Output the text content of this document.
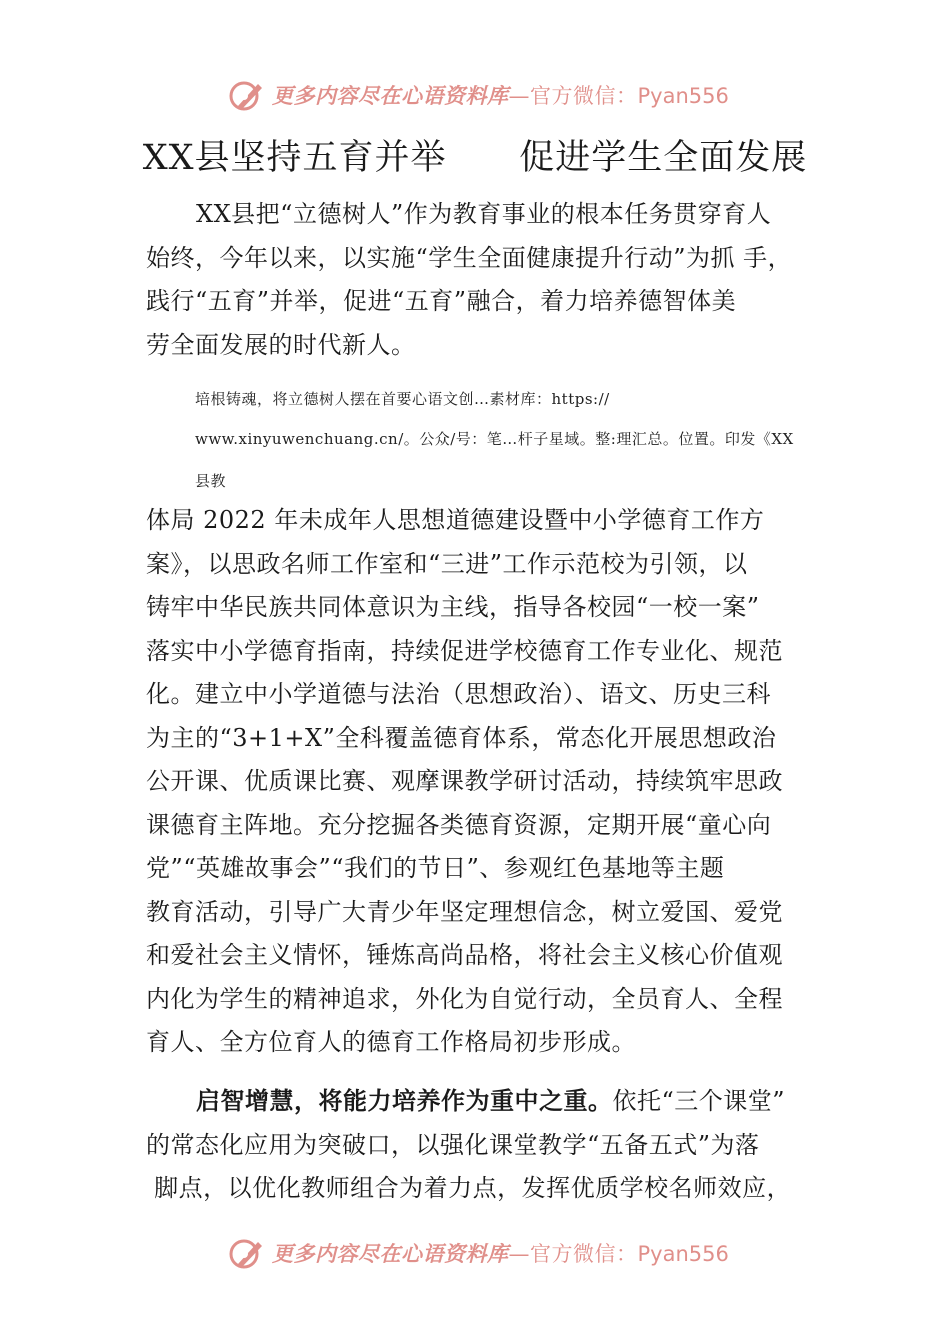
更多内容尽在心语资料库—官方微信：Pyan556
XX县坚持五育并举      促进学生全面发展
XX县把“立德树人”作为教育事业的根本任务贯穿育人
始终，今年以来，以实施“学生全面健康提升行动”为抓 手，
践行“五育”并举，促进“五育”融合，着力培养德智体美
劳全面发展的时代新人。
培根铸魂，将立德树人摆在首要心语文创…素材库：https://
www.xinyuwenchuang.cn/。公众/号：笔…杆子星域。整:理汇总。位置。印发《XX
县教
体局 2022 年未成年人思想道德建设暨中小学德育工作方
案》，以思政名师工作室和“三进”工作示范校为引领，以
铸牢中华民族共同体意识为主线，指导各校园“一校一案”
落实中小学德育指南，持续促进学校德育工作专业化、规范
化。建立中小学道德与法治（思想政治）、语文、历史三科
为主的“3+1+X”全科覆盖德育体系，常态化开展思想政治
公开课、优质课比赛、观摩课教学研讨活动，持续筑牢思政
课德育主阵地。充分挖掘各类德育资源，定期开展“童心向
党”“英雄故事会”“我们的节日”、参观红色基地等主题
教育活动，引导广大青少年坚定理想信念，树立爱国、爱党
和爱社会主义情怀，锤炼高尚品格，将社会主义核心价值观
内化为学生的精神追求，外化为自觉行动，全员育人、全程
育人、全方位育人的德育工作格局初步形成。
启智增慧，将能力培养作为重中之重。依托“三个课堂”
的常态化应用为突破口，以强化课堂教学“五备五式”为落
脚点，以优化教师组合为着力点，发挥优质学校名师效应，
更多内容尽在心语资料库—官方微信：Pyan556
